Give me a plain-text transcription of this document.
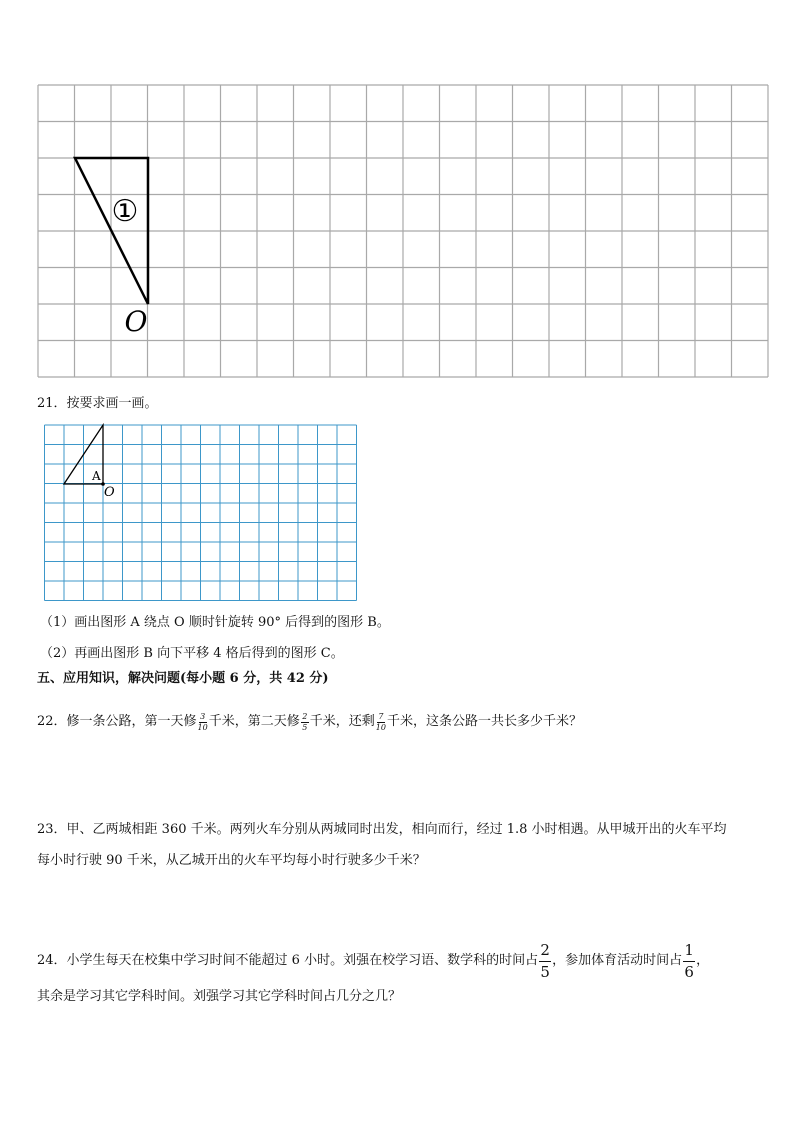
①
O
21．按要求画一画。
A
O
（1）画出图形 A 绕点 O 顺时针旋转 90° 后得到的图形 B。
（2）再画出图形 B 向下平移 4 格后得到的图形 C。
五、应用知识，解决问题(每小题 6 分，共 42 分)
22．修一条公路，第一天修 $\frac{3}{10}$ 千米，第二天修 $\frac{2}{5}$ 千米，还剩 $\frac{7}{10}$ 千米，这条公路一共长多少千米？
23．甲、乙两城相距 360 千米。两列火车分别从两城同时出发，相向而行，经过 1.8 小时相遇。从甲城开出的火车平均
每小时行驶 90 千米，从乙城开出的火车平均每小时行驶多少千米？
24．小学生每天在校集中学习时间不能超过 6 小时。刘强在校学习语、数学科的时间占 $\frac{2}{5}$ ，参加体育活动时间占 $\frac{1}{6}$ ，
其余是学习其它学科时间。刘强学习其它学科时间占几分之几？
